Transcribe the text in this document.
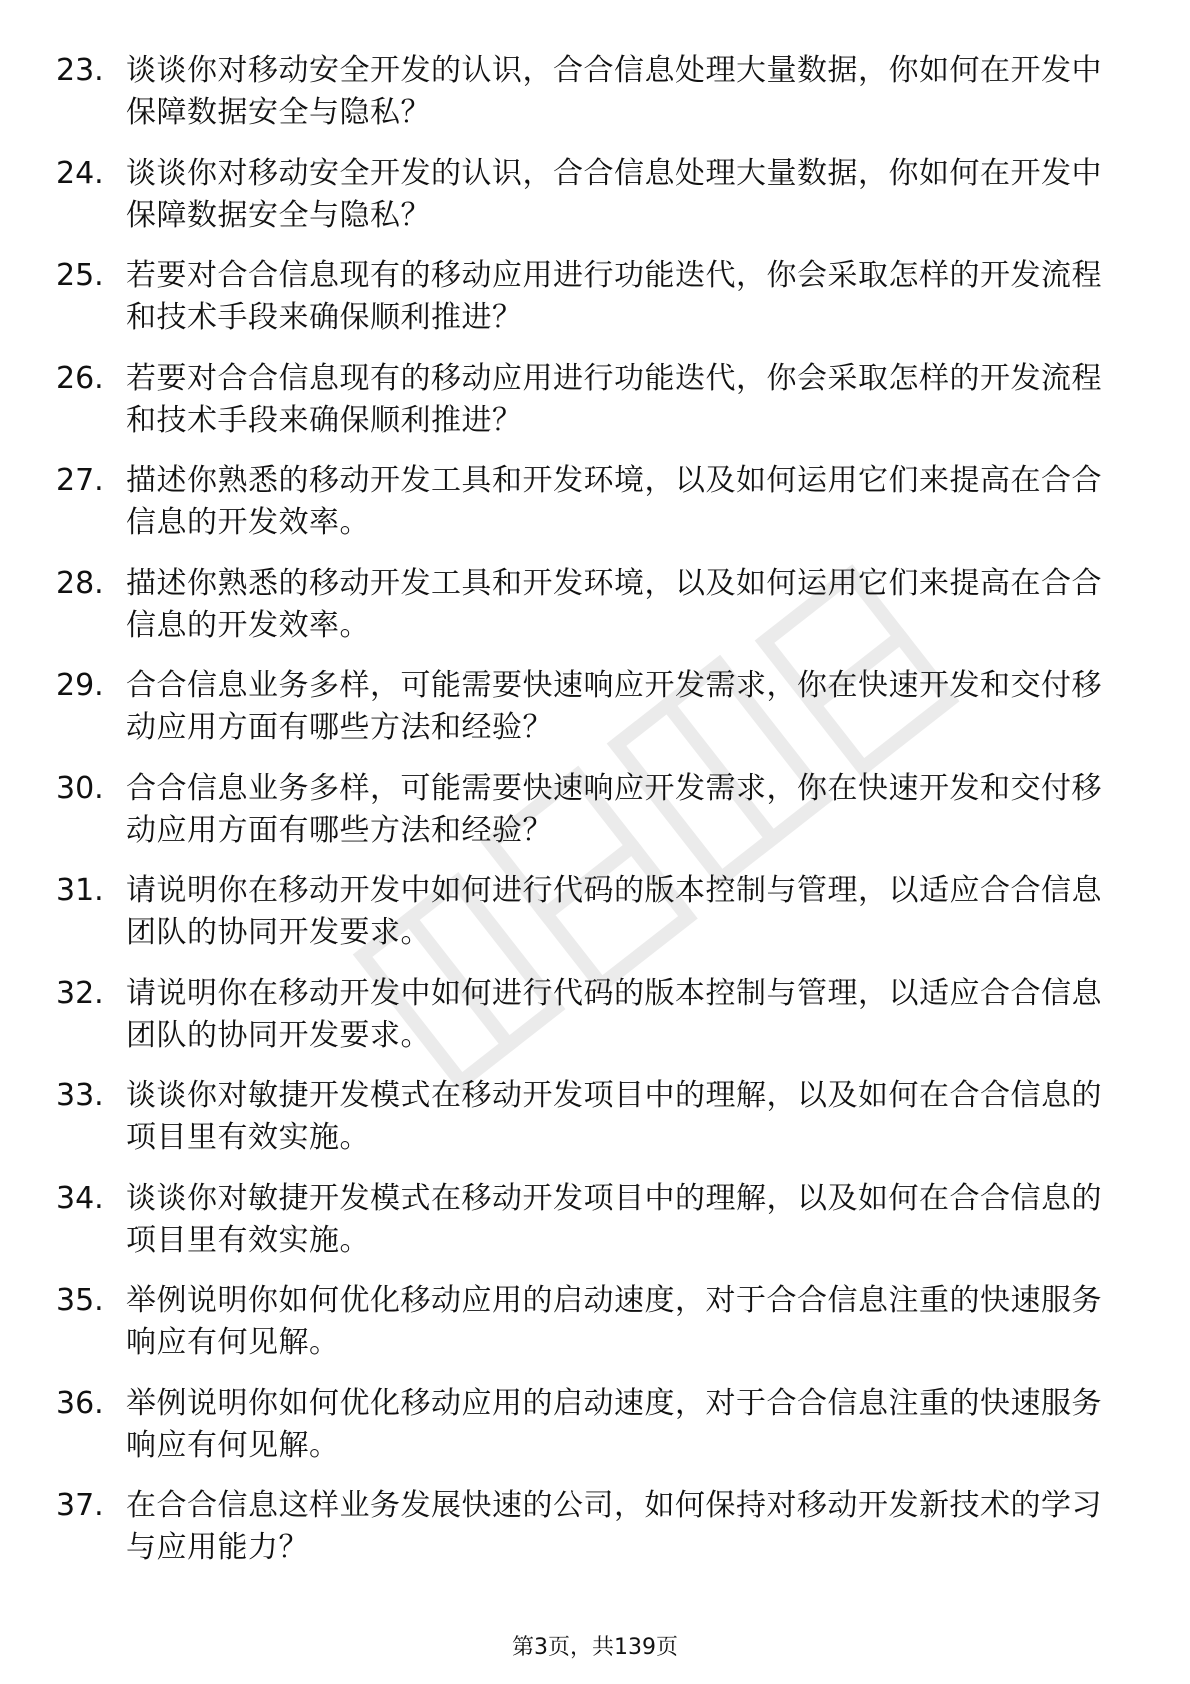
23. 谈谈你对移动安全开发的认识，合合信息处理大量数据，你如何在开发中保障数据安全与隐私？
24. 谈谈你对移动安全开发的认识，合合信息处理大量数据，你如何在开发中保障数据安全与隐私？
25. 若要对合合信息现有的移动应用进行功能迭代，你会采取怎样的开发流程和技术手段来确保顺利推进？
26. 若要对合合信息现有的移动应用进行功能迭代，你会采取怎样的开发流程和技术手段来确保顺利推进？
27. 描述你熟悉的移动开发工具和开发环境，以及如何运用它们来提高在合合信息的开发效率。
28. 描述你熟悉的移动开发工具和开发环境，以及如何运用它们来提高在合合信息的开发效率。
29. 合合信息业务多样，可能需要快速响应开发需求，你在快速开发和交付移动应用方面有哪些方法和经验？
30. 合合信息业务多样，可能需要快速响应开发需求，你在快速开发和交付移动应用方面有哪些方法和经验？
31. 请说明你在移动开发中如何进行代码的版本控制与管理，以适应合合信息团队的协同开发要求。
32. 请说明你在移动开发中如何进行代码的版本控制与管理，以适应合合信息团队的协同开发要求。
33. 谈谈你对敏捷开发模式在移动开发项目中的理解，以及如何在合合信息的项目里有效实施。
34. 谈谈你对敏捷开发模式在移动开发项目中的理解，以及如何在合合信息的项目里有效实施。
35. 举例说明你如何优化移动应用的启动速度，对于合合信息注重的快速服务响应有何见解。
36. 举例说明你如何优化移动应用的启动速度，对于合合信息注重的快速服务响应有何见解。
37. 在合合信息这样业务发展快速的公司，如何保持对移动开发新技术的学习与应用能力？
第3页，共139页
